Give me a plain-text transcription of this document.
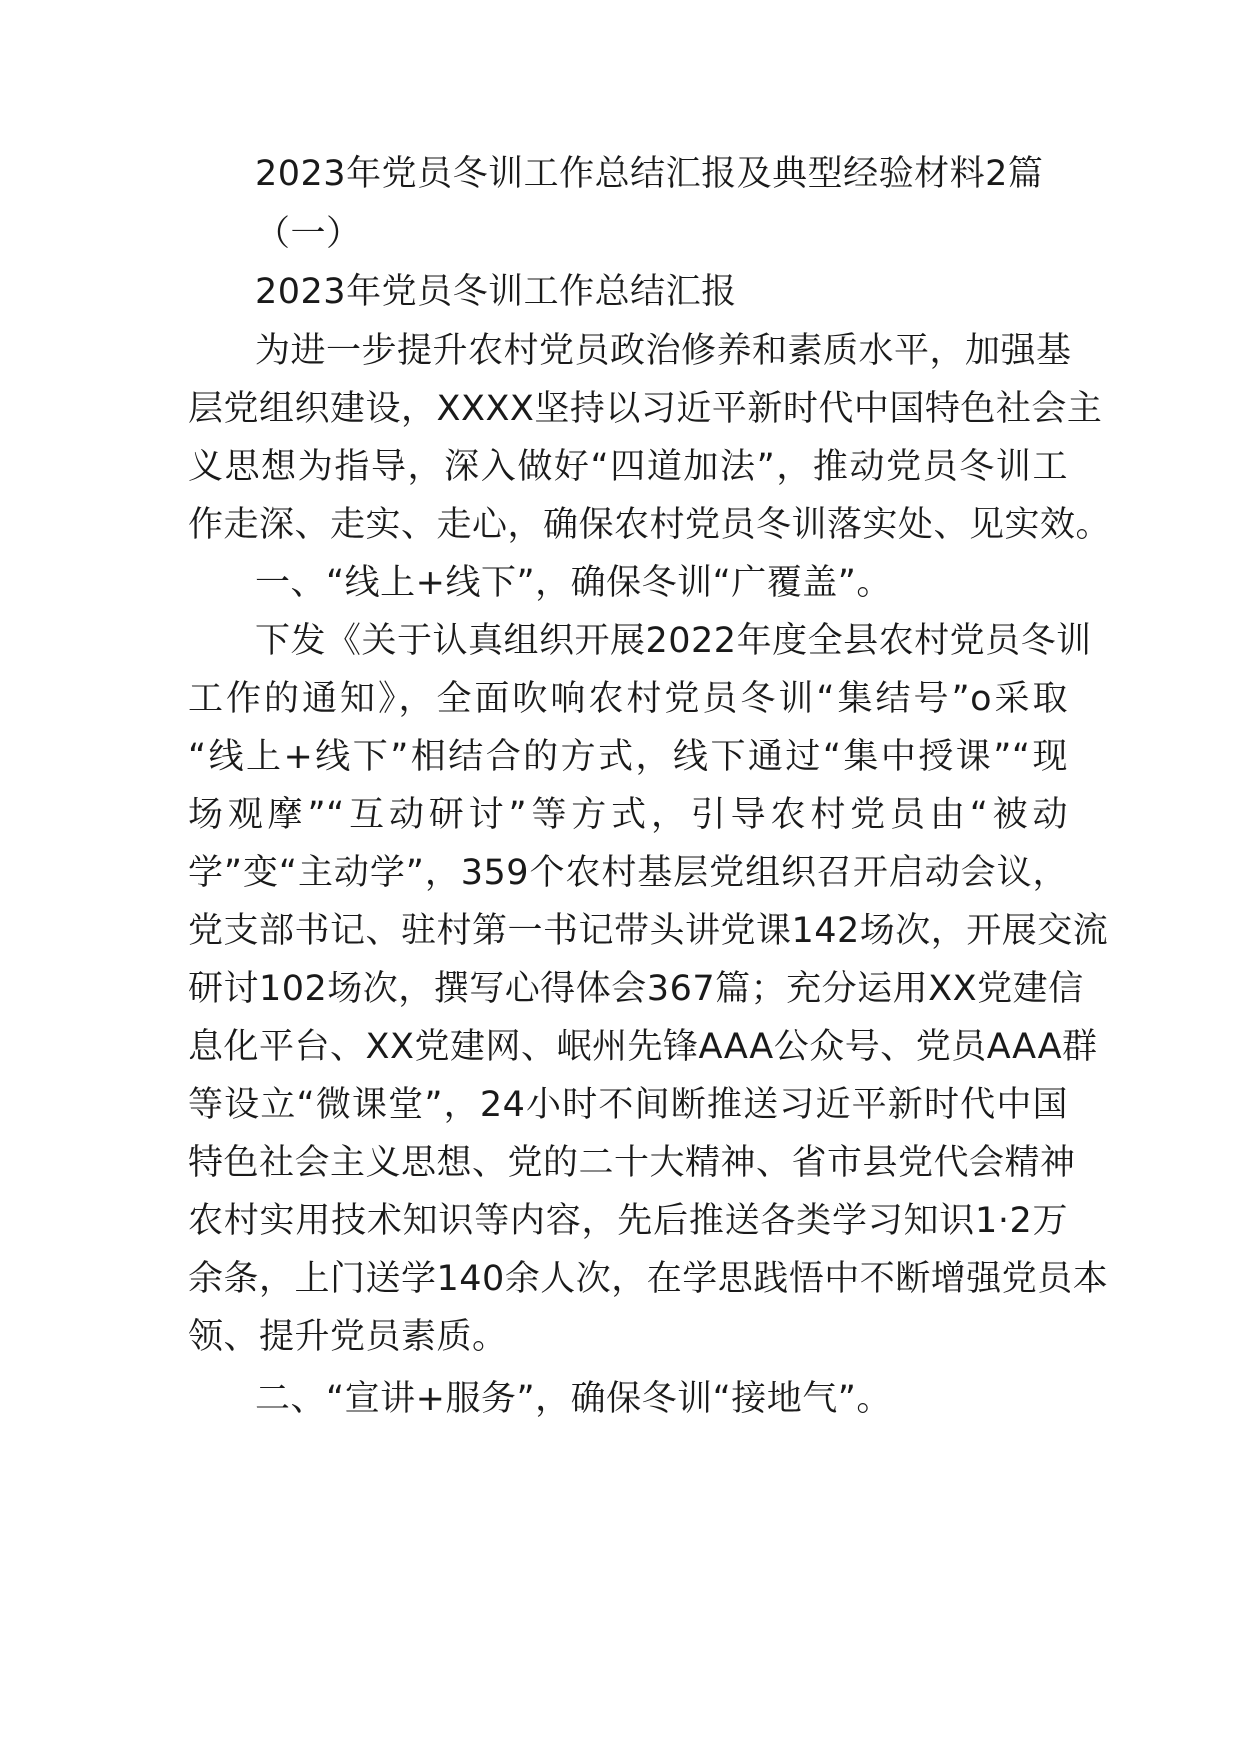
2023年党员冬训工作总结汇报及典型经验材料2篇
（一）
2023年党员冬训工作总结汇报
为进一步提升农村党员政治修养和素质水平，加强基
层党组织建设，XXXX坚持以习近平新时代中国特色社会主
义思想为指导，深入做好“四道加法”，推动党员冬训工
作走深、走实、走心，确保农村党员冬训落实处、见实效。
一、“线上+线下”，确保冬训“广覆盖”。
下发《关于认真组织开展2022年度全县农村党员冬训
工作的通知》，全面吹响农村党员冬训“集结号”o采取
“线上+线下”相结合的方式，线下通过“集中授课”“现
场观摩”“互动研讨”等方式，引导农村党员由“被动
学”变“主动学”，359个农村基层党组织召开启动会议，
党支部书记、驻村第一书记带头讲党课142场次，开展交流
研讨102场次，撰写心得体会367篇；充分运用XX党建信
息化平台、XX党建网、岷州先锋AAA公众号、党员AAA群
等设立“微课堂”，24小时不间断推送习近平新时代中国
特色社会主义思想、党的二十大精神、省市县党代会精神
农村实用技术知识等内容，先后推送各类学习知识1·2万
余条，上门送学140余人次，在学思践悟中不断增强党员本
领、提升党员素质。
二、“宣讲+服务”，确保冬训“接地气”。
